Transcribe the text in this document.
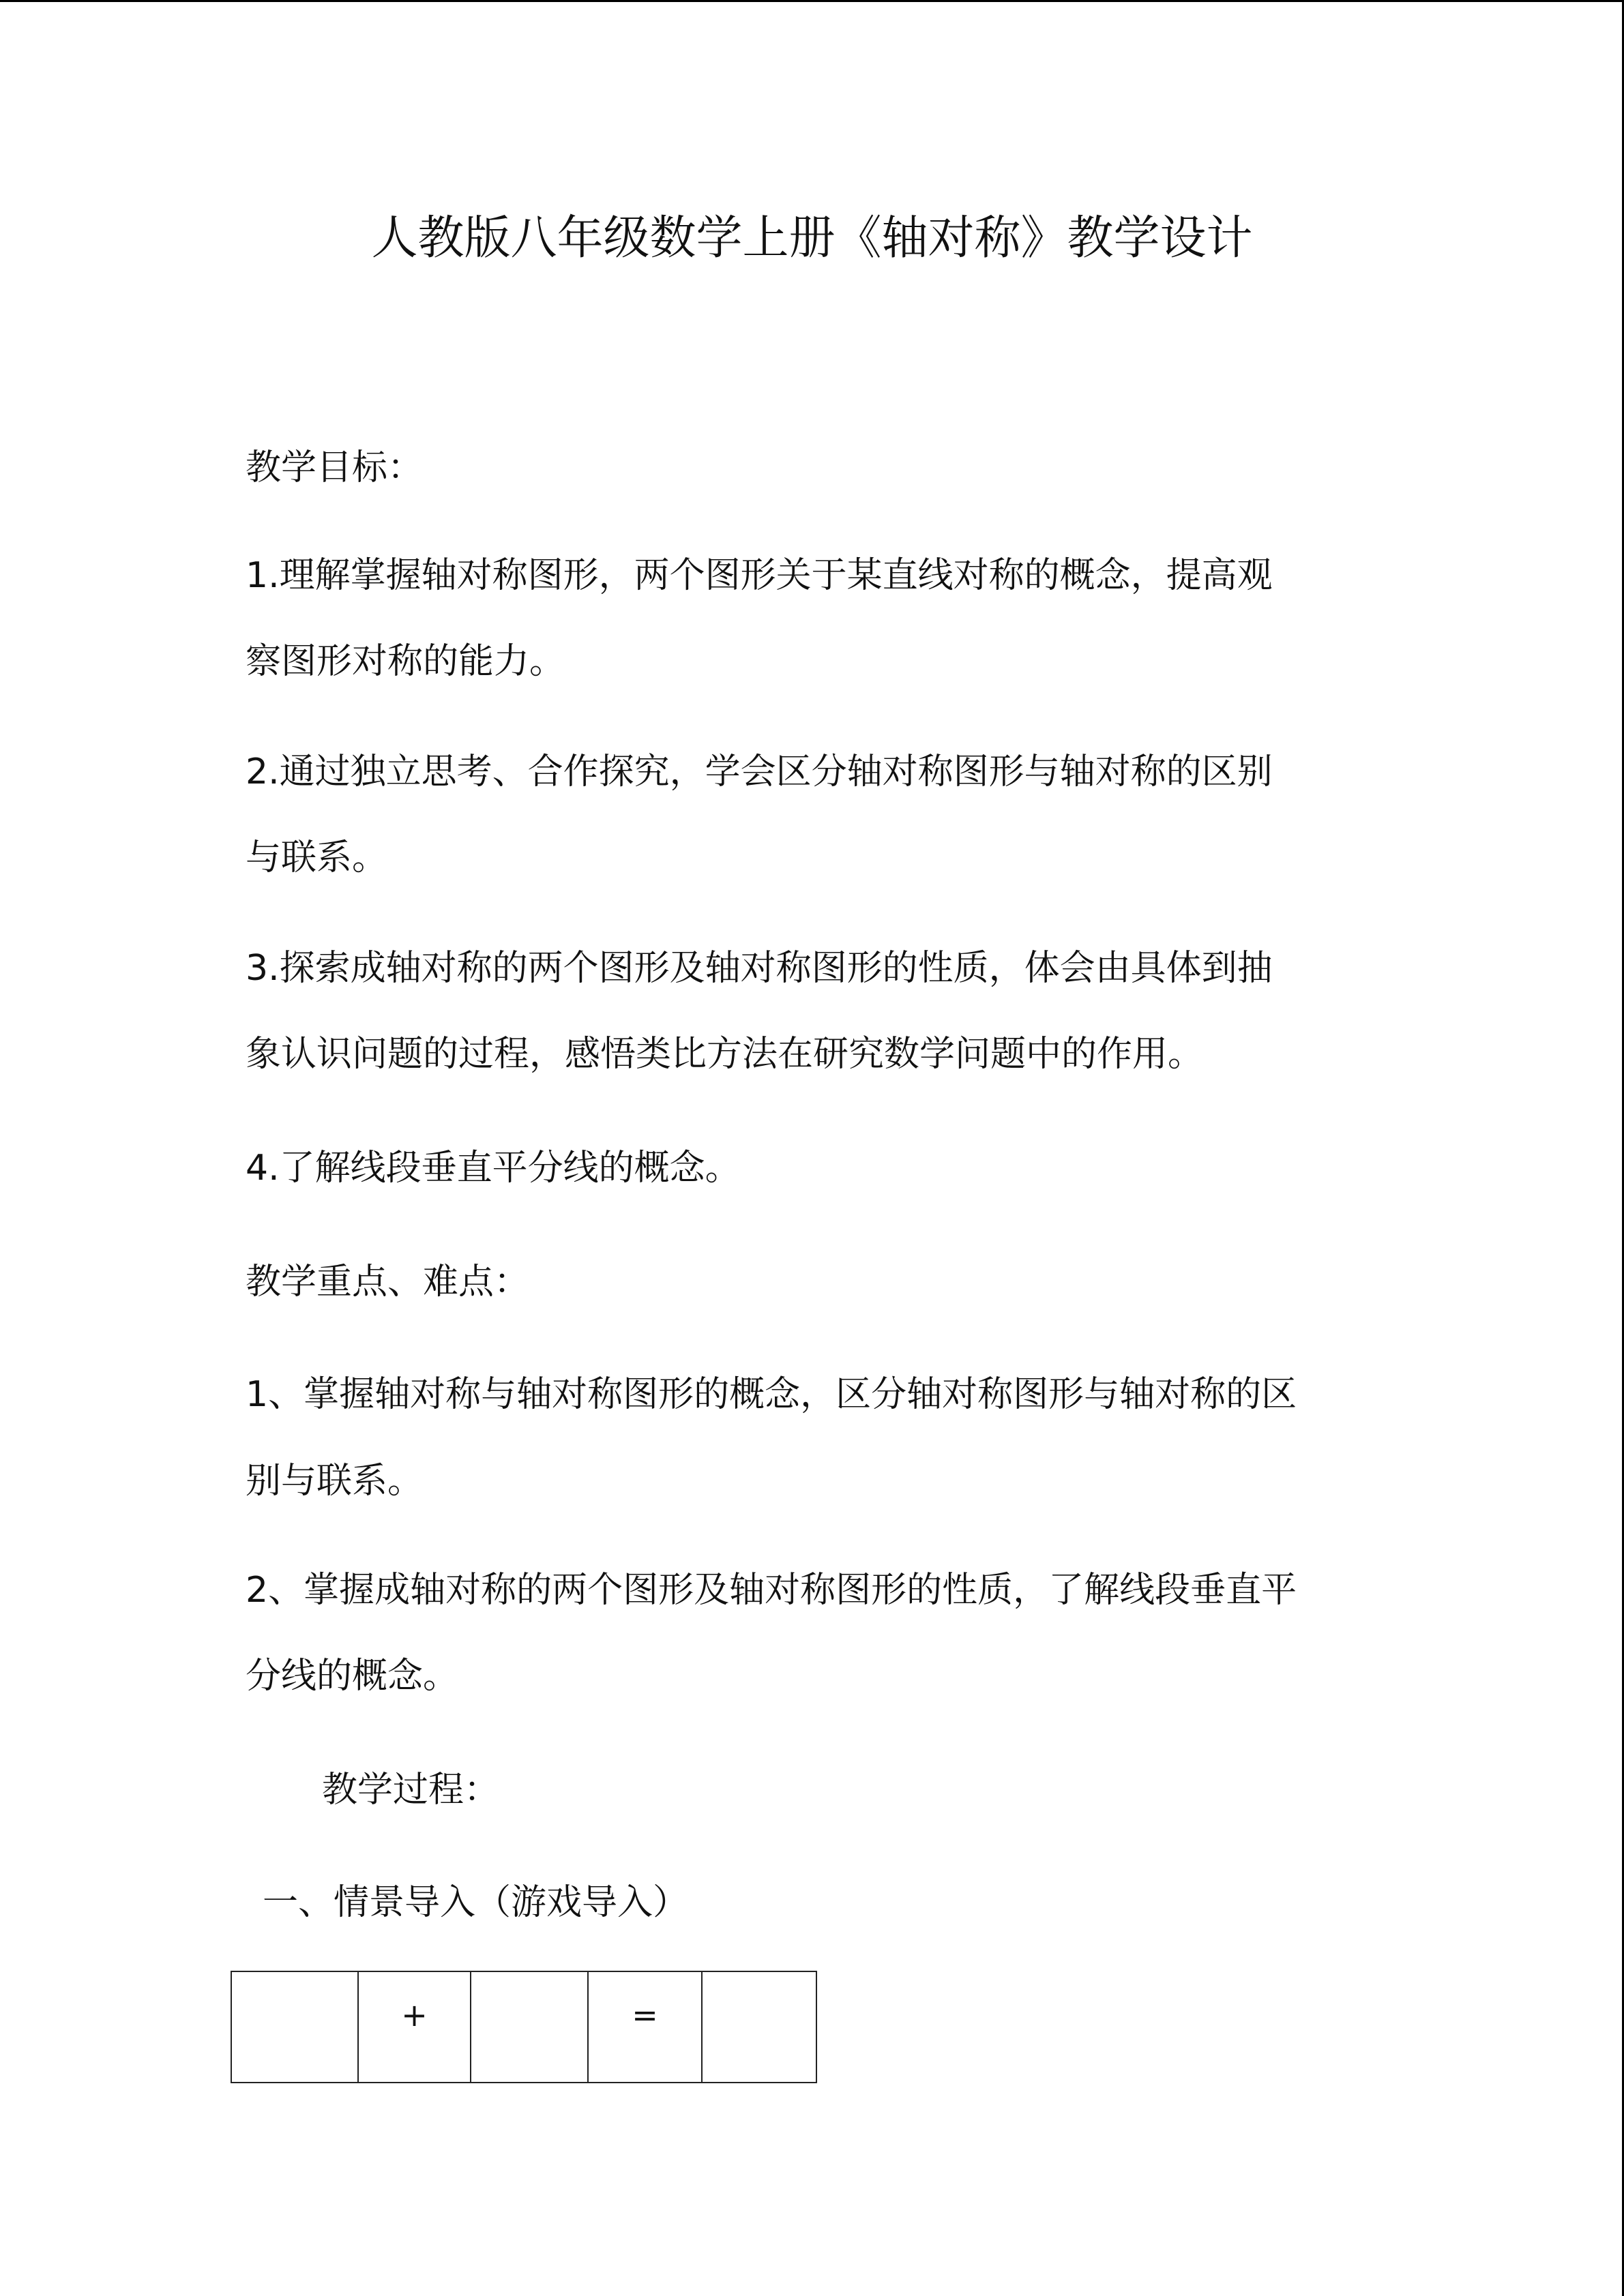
人教版八年级数学上册《轴对称》教学设计
教学目标：
1.理解掌握轴对称图形，两个图形关于某直线对称的概念，提高观
察图形对称的能力。
2.通过独立思考、合作探究，学会区分轴对称图形与轴对称的区别
与联系。
3.探索成轴对称的两个图形及轴对称图形的性质，体会由具体到抽
象认识问题的过程，感悟类比方法在研究数学问题中的作用。
4.了解线段垂直平分线的概念。
教学重点、难点：
1、掌握轴对称与轴对称图形的概念，区分轴对称图形与轴对称的区
别与联系。
2、掌握成轴对称的两个图形及轴对称图形的性质，了解线段垂直平
分线的概念。
教学过程：
一、情景导入（游戏导入）
	+		=	
